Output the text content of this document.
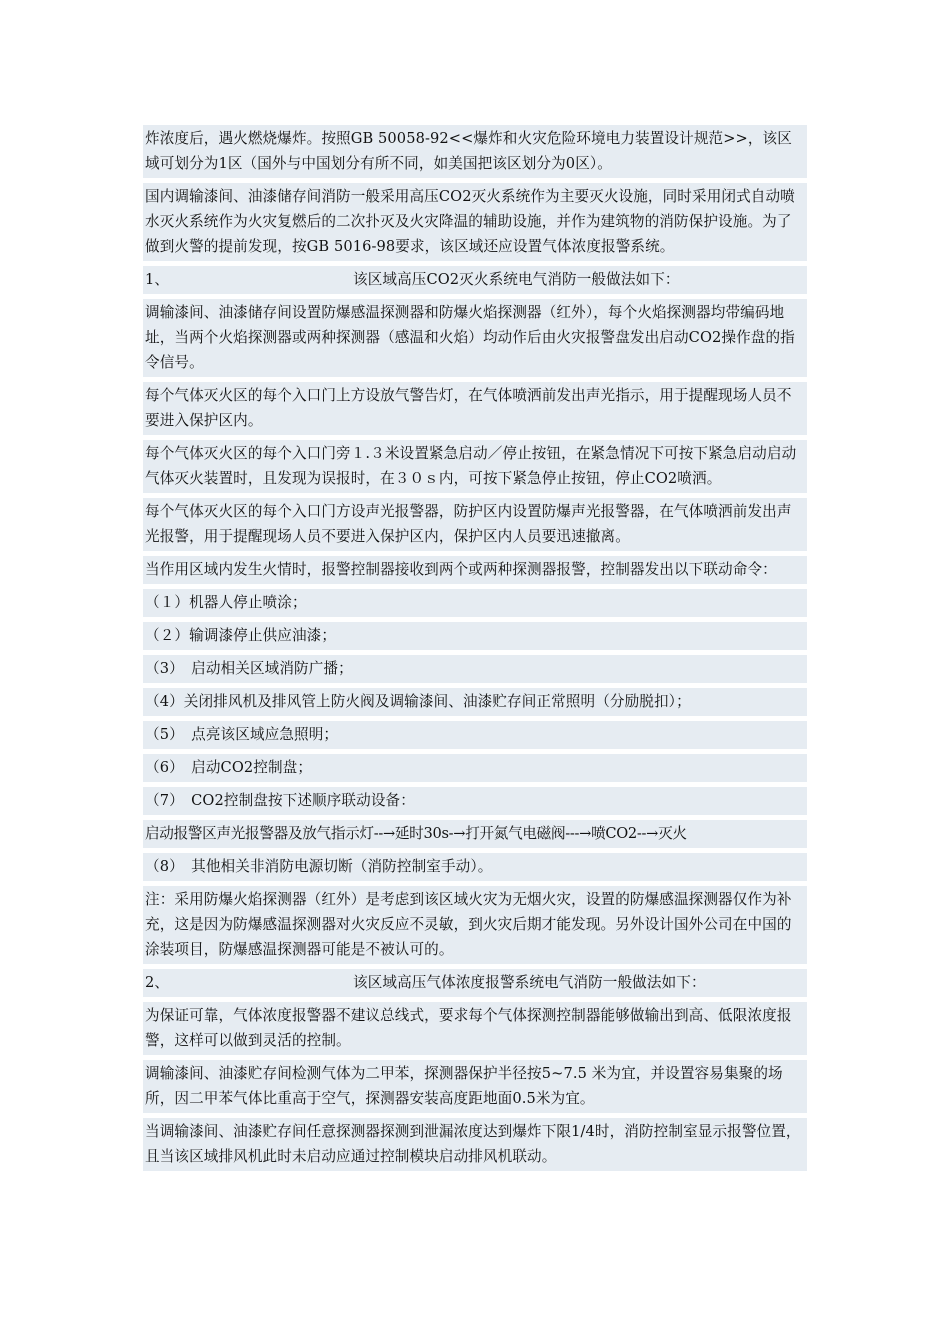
炸浓度后，遇火燃烧爆炸。按照GB 50058-92<<爆炸和火灾危险环境电力装置设计规范>>，该区域可划分为1区（国外与中国划分有所不同，如美国把该区划分为0区）。
国内调输漆间、油漆储存间消防一般采用高压CO2灭火系统作为主要灭火设施，同时采用闭式自动喷水灭火系统作为火灾复燃后的二次扑灭及火灾降温的辅助设施，并作为建筑物的消防保护设施。为了做到火警的提前发现，按GB 5016-98要求，该区域还应设置气体浓度报警系统。
1、	该区域高压CO2灭火系统电气消防一般做法如下：
调输漆间、油漆储存间设置防爆感温探测器和防爆火焰探测器（红外），每个火焰探测器均带编码地址，当两个火焰探测器或两种探测器（感温和火焰）均动作后由火灾报警盘发出启动CO2操作盘的指令信号。
每个气体灭火区的每个入口门上方设放气警告灯，在气体喷洒前发出声光指示，用于提醒现场人员不要进入保护区内。
每个气体灭火区的每个入口门旁１.３米设置紧急启动／停止按钮，在紧急情况下可按下紧急启动启动气体灭火装置时，且发现为误报时，在３０ｓ内，可按下紧急停止按钮，停止CO2喷洒。
每个气体灭火区的每个入口门方设声光报警器，防护区内设置防爆声光报警器，在气体喷洒前发出声光报警，用于提醒现场人员不要进入保护区内，保护区内人员要迅速撤离。
当作用区域内发生火情时，报警控制器接收到两个或两种探测器报警，控制器发出以下联动命令：
（１）机器人停止喷涂；
（２）输调漆停止供应油漆；
（3）　启动相关区域消防广播；
（4）关闭排风机及排风管上防火阀及调输漆间、油漆贮存间正常照明（分励脱扣）；
（5）　点亮该区域应急照明；
（6）　启动CO2控制盘；
（7）　CO2控制盘按下述顺序联动设备：
启动报警区声光报警器及放气指示灯--→延时30s-→打开氮气电磁阀---→喷CO2--→灭火
（8）　其他相关非消防电源切断（消防控制室手动）。
注：采用防爆火焰探测器（红外）是考虑到该区域火灾为无烟火灾，设置的防爆感温探测器仅作为补充，这是因为防爆感温探测器对火灾反应不灵敏，到火灾后期才能发现。另外设计国外公司在中国的涂装项目，防爆感温探测器可能是不被认可的。
2、	该区域高压气体浓度报警系统电气消防一般做法如下：
为保证可靠，气体浓度报警器不建议总线式，要求每个气体探测控制器能够做输出到高、低限浓度报警，这样可以做到灵活的控制。
调输漆间、油漆贮存间检测气体为二甲苯，探测器保护半径按5~7.5 米为宜，并设置容易集聚的场所，因二甲苯气体比重高于空气，探测器安装高度距地面0.5米为宜。
当调输漆间、油漆贮存间任意探测器探测到泄漏浓度达到爆炸下限1/4时，消防控制室显示报警位置，且当该区域排风机此时未启动应通过控制模块启动排风机联动。
